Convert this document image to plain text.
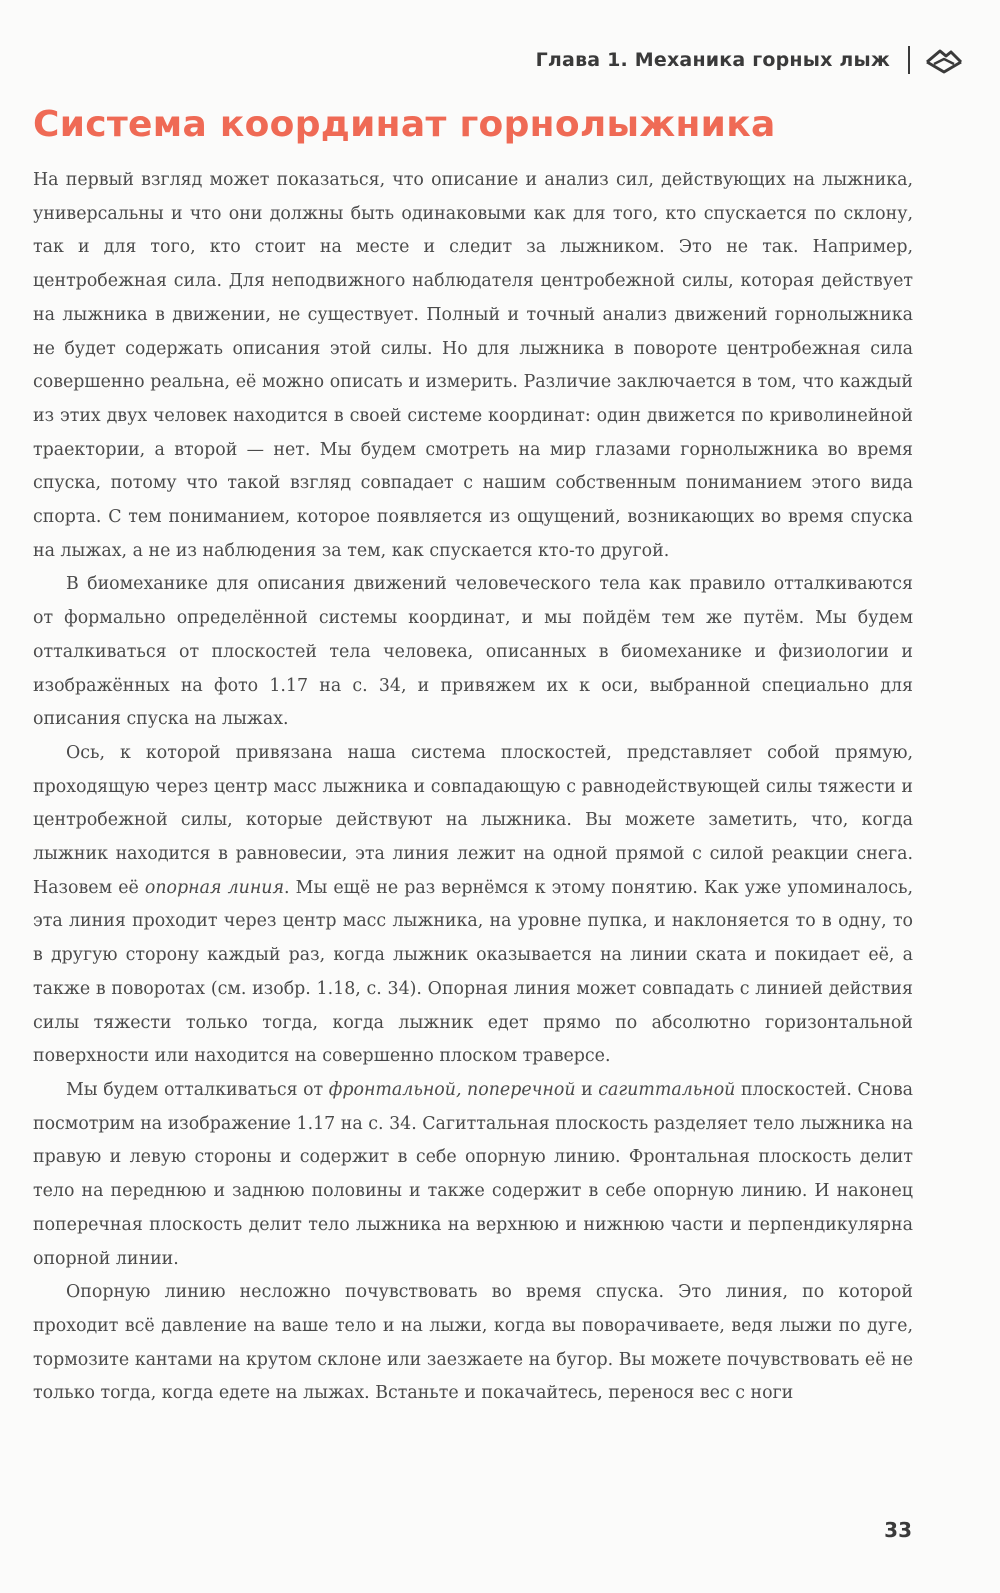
Глава 1. Механика горных лыж
Система координат горнолыжника

На первый взгляд может показаться, что описание и анализ сил, действующих на лыжника, универсальны и что они должны быть одинаковыми как для того, кто спускается по склону, так и для того, кто стоит на месте и следит за лыжником. Это не так. Например, центробежная сила. Для неподвижного наблюдателя центробежной силы, которая действует на лыжника в движении, не существует. Полный и точный анализ движений горнолыжника не будет содержать описания этой силы. Но для лыжника в повороте центробежная сила совершенно реальна, её можно описать и измерить. Различие заключается в том, что каждый из этих двух человек находится в своей системе координат: один движется по криволинейной траектории, а второй — нет. Мы будем смотреть на мир глазами горнолыжника во время спуска, потому что такой взгляд совпадает с нашим собственным пониманием этого вида спорта. С тем пониманием, которое появляется из ощущений, возникающих во время спуска на лыжах, а не из наблюдения за тем, как спускается кто-то другой.

В биомеханике для описания движений человеческого тела как правило отталкиваются от формально определённой системы координат, и мы пойдём тем же путём. Мы будем отталкиваться от плоскостей тела человека, описанных в биомеханике и физиологии и изображённых на фото 1.17 на с. 34, и привяжем их к оси, выбранной специально для описания спуска на лыжах.

Ось, к которой привязана наша система плоскостей, представляет собой прямую, проходящую через центр масс лыжника и совпадающую с равнодействующей силы тяжести и центробежной силы, которые действуют на лыжника. Вы можете заметить, что, когда лыжник находится в равновесии, эта линия лежит на одной прямой с силой реакции снега. Назовем её опорная линия. Мы ещё не раз вернёмся к этому понятию. Как уже упоминалось, эта линия проходит через центр масс лыжника, на уровне пупка, и наклоняется то в одну, то в другую сторону каждый раз, когда лыжник оказывается на линии ската и покидает её, а также в поворотах (см. изобр. 1.18, с. 34). Опорная линия может совпадать с линией действия силы тяжести только тогда, когда лыжник едет прямо по абсолютно горизонтальной поверхности или находится на совершенно плоском траверсе.

Мы будем отталкиваться от фронтальной, поперечной и сагиттальной плоскостей. Снова посмотрим на изображение 1.17 на с. 34. Сагиттальная плоскость разделяет тело лыжника на правую и левую стороны и содержит в себе опорную линию. Фронтальная плоскость делит тело на переднюю и заднюю половины и также содержит в себе опорную линию. И наконец поперечная плоскость делит тело лыжника на верхнюю и нижнюю части и перпендикулярна опорной линии.

Опорную линию несложно почувствовать во время спуска. Это линия, по которой проходит всё давление на ваше тело и на лыжи, когда вы поворачиваете, ведя лыжи по дуге, тормозите кантами на крутом склоне или заезжаете на бугор. Вы можете почувствовать её не только тогда, когда едете на лыжах. Встаньте и покачайтесь, перенося вес с ноги

33
